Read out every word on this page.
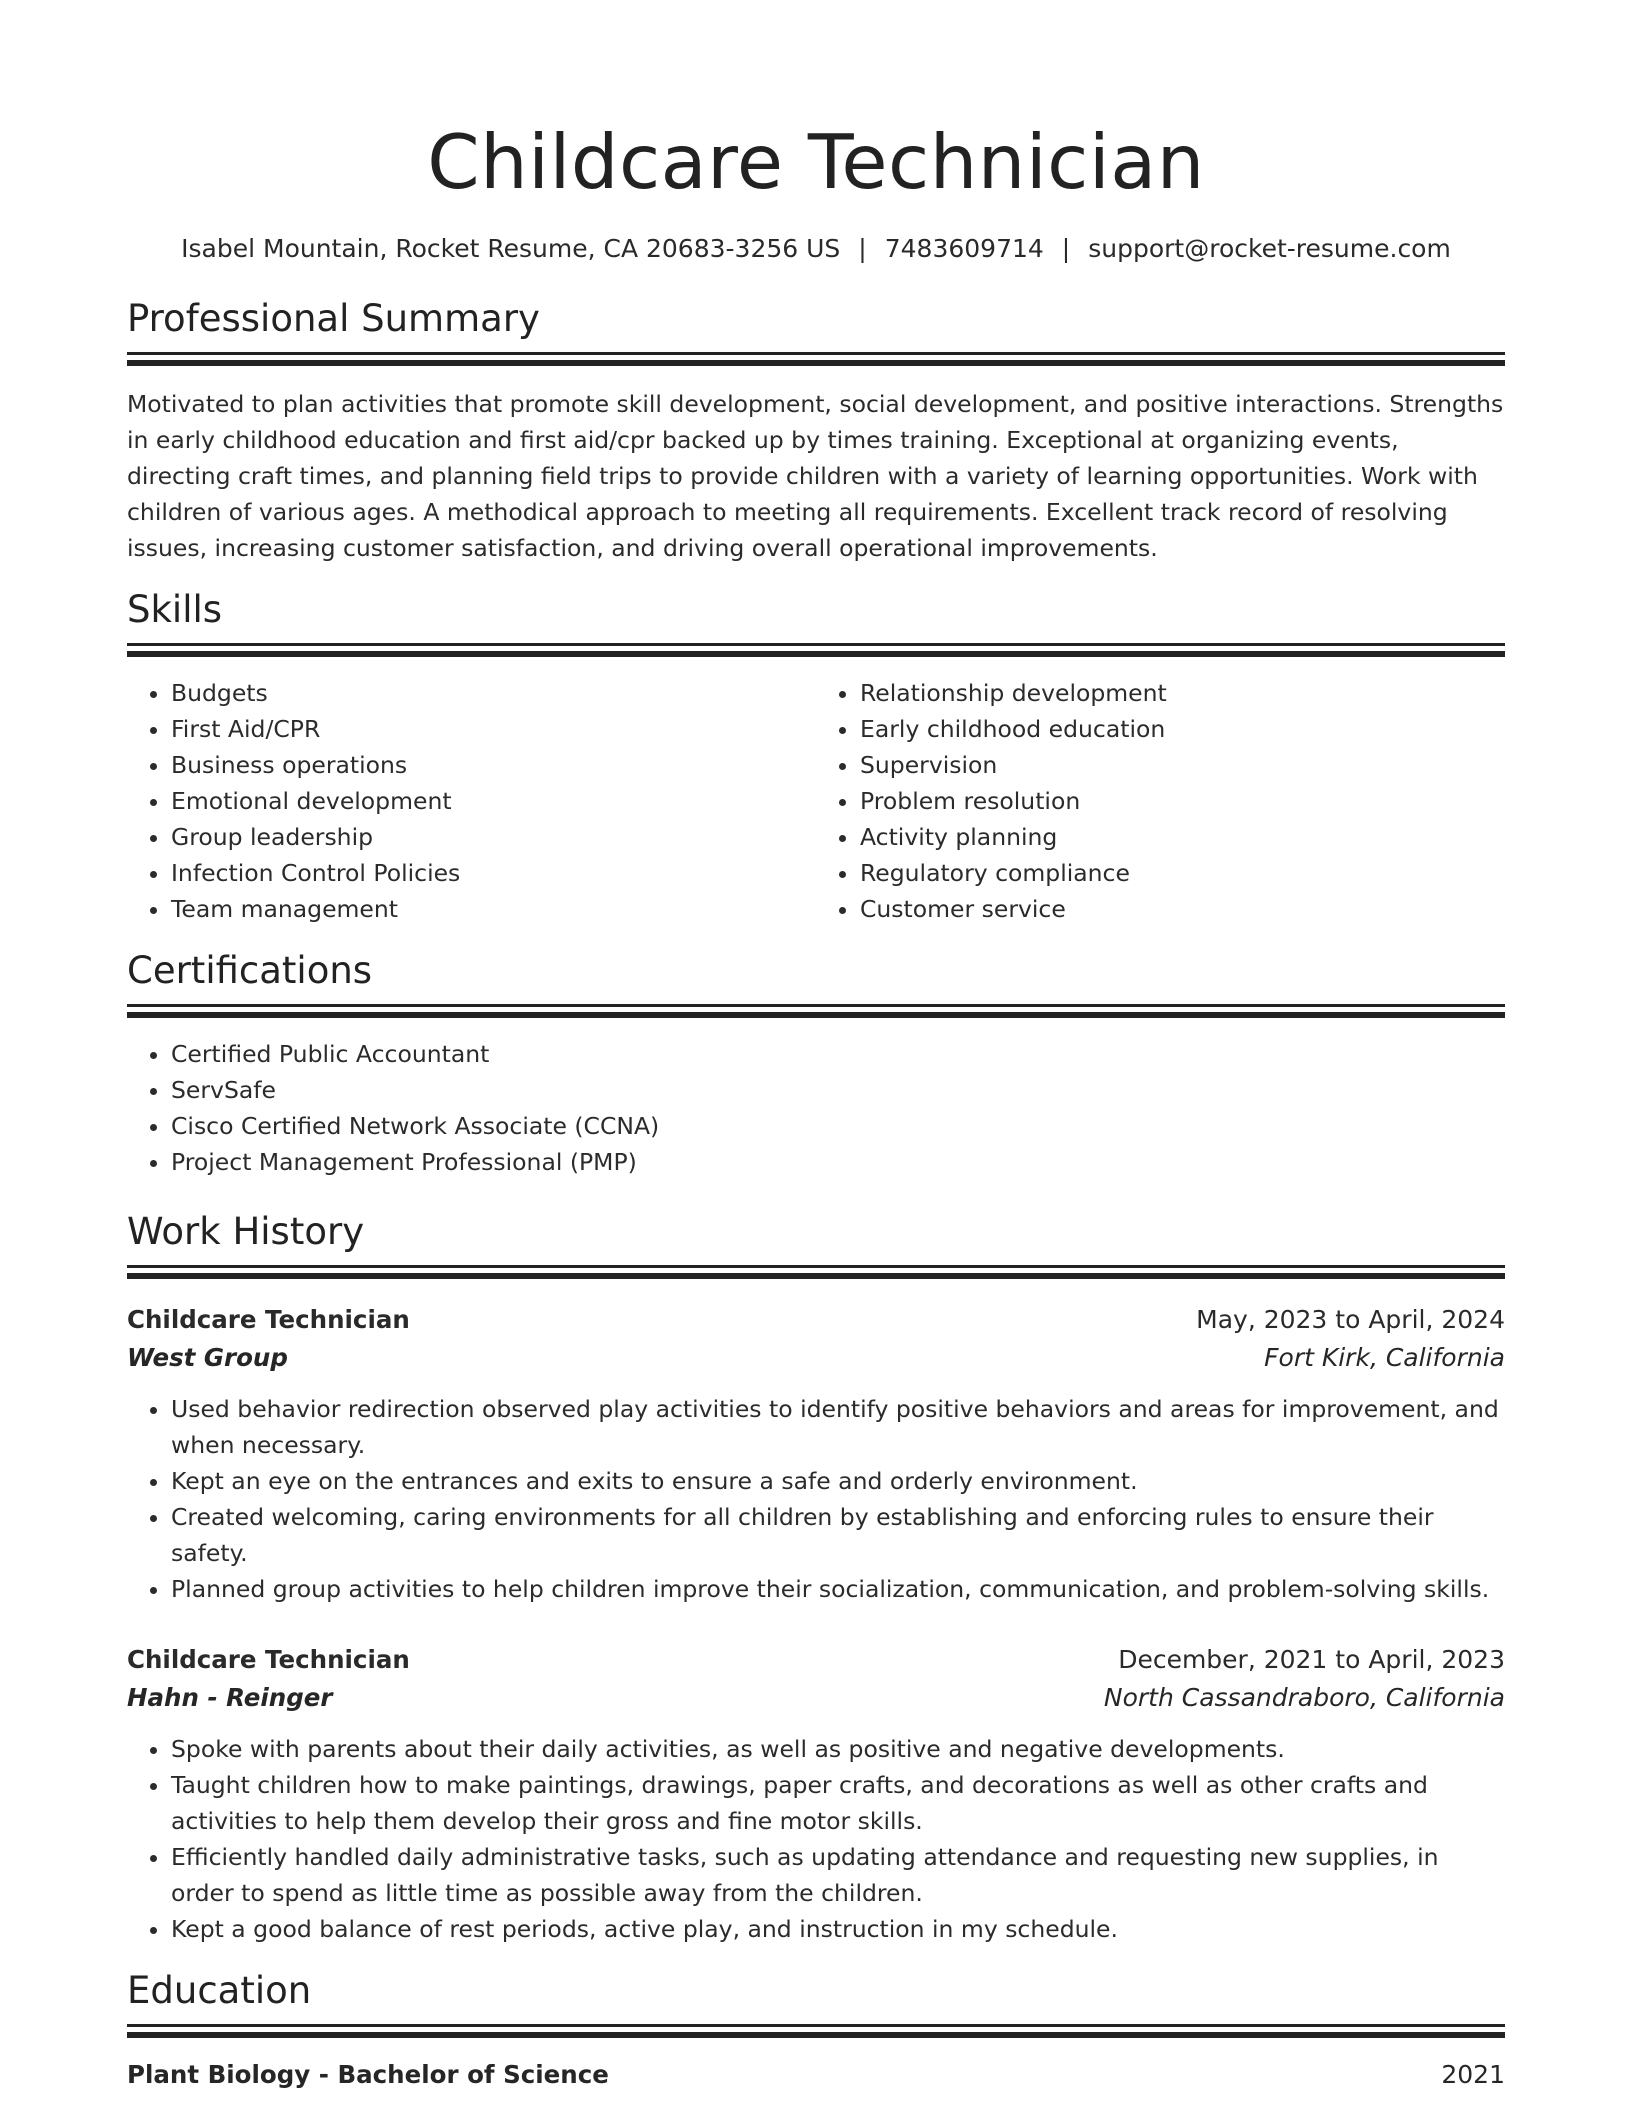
Childcare Technician
Isabel Mountain, Rocket Resume, CA 20683-3256 US | 7483609714 | support@rocket-resume.com
Professional Summary
Motivated to plan activities that promote skill development, social development, and positive interactions. Strengths in early childhood education and first aid/cpr backed up by times training. Exceptional at organizing events, directing craft times, and planning field trips to provide children with a variety of learning opportunities. Work with children of various ages. A methodical approach to meeting all requirements. Excellent track record of resolving issues, increasing customer satisfaction, and driving overall operational improvements.
Skills
• Budgets
• First Aid/CPR
• Business operations
• Emotional development
• Group leadership
• Infection Control Policies
• Team management
• Relationship development
• Early childhood education
• Supervision
• Problem resolution
• Activity planning
• Regulatory compliance
• Customer service
Certifications
• Certified Public Accountant
• ServSafe
• Cisco Certified Network Associate (CCNA)
• Project Management Professional (PMP)
Work History
Childcare Technician	May, 2023 to April, 2024
West Group	Fort Kirk, California
• Used behavior redirection observed play activities to identify positive behaviors and areas for improvement, and when necessary.
• Kept an eye on the entrances and exits to ensure a safe and orderly environment.
• Created welcoming, caring environments for all children by establishing and enforcing rules to ensure their safety.
• Planned group activities to help children improve their socialization, communication, and problem-solving skills.
Childcare Technician	December, 2021 to April, 2023
Hahn - Reinger	North Cassandraboro, California
• Spoke with parents about their daily activities, as well as positive and negative developments.
• Taught children how to make paintings, drawings, paper crafts, and decorations as well as other crafts and activities to help them develop their gross and fine motor skills.
• Efficiently handled daily administrative tasks, such as updating attendance and requesting new supplies, in order to spend as little time as possible away from the children.
• Kept a good balance of rest periods, active play, and instruction in my schedule.
Education
Plant Biology - Bachelor of Science	2021
